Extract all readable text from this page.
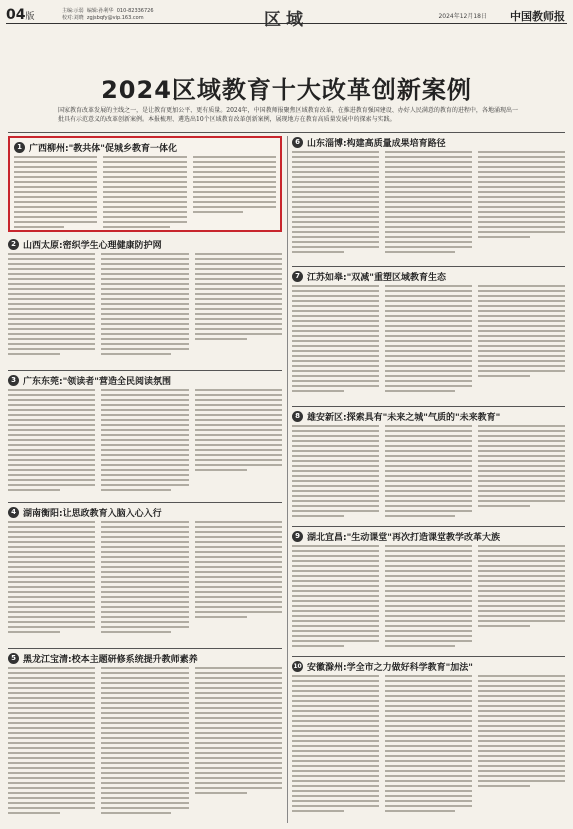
04版
主编:示弱  编辑:孙利华  010-82336726
校对:刘晓  zgjsbqfy@vip.163.com	区域	2024年12月18日 中国教师报
2024区域教育十大改革创新案例
国家教育改革发展的主线之一，是让教育更加公平、更有质量。2024年，中国教师报聚焦区域教育改革，在推进教育强国建设、办好人民满意的教育的进程中，各地涌现出一批具有示范意义的改革创新案例。本报梳理、遴选出10个区域教育改革创新案例，展现地方在教育高质量发展中的探索与实践。
1 广西柳州:"教共体"促城乡教育一体化
2 山西太原:密织学生心理健康防护网
3 广东东莞:"领读者"营造全民阅读氛围
4 湖南衡阳:让思政教育入脑入心入行
5 黑龙江宝清:校本主题研修系统提升教师素养
6 山东淄博:构建高质量成果培育路径
7 江苏如皋:"双减"重塑区域教育生态
8 雄安新区:探索具有"未来之城"气质的"未来教育"
9 湖北宜昌:"生动课堂"再次打造课堂教学改革大族
10 安徽滁州:学全市之力做好科学教育"加法"
